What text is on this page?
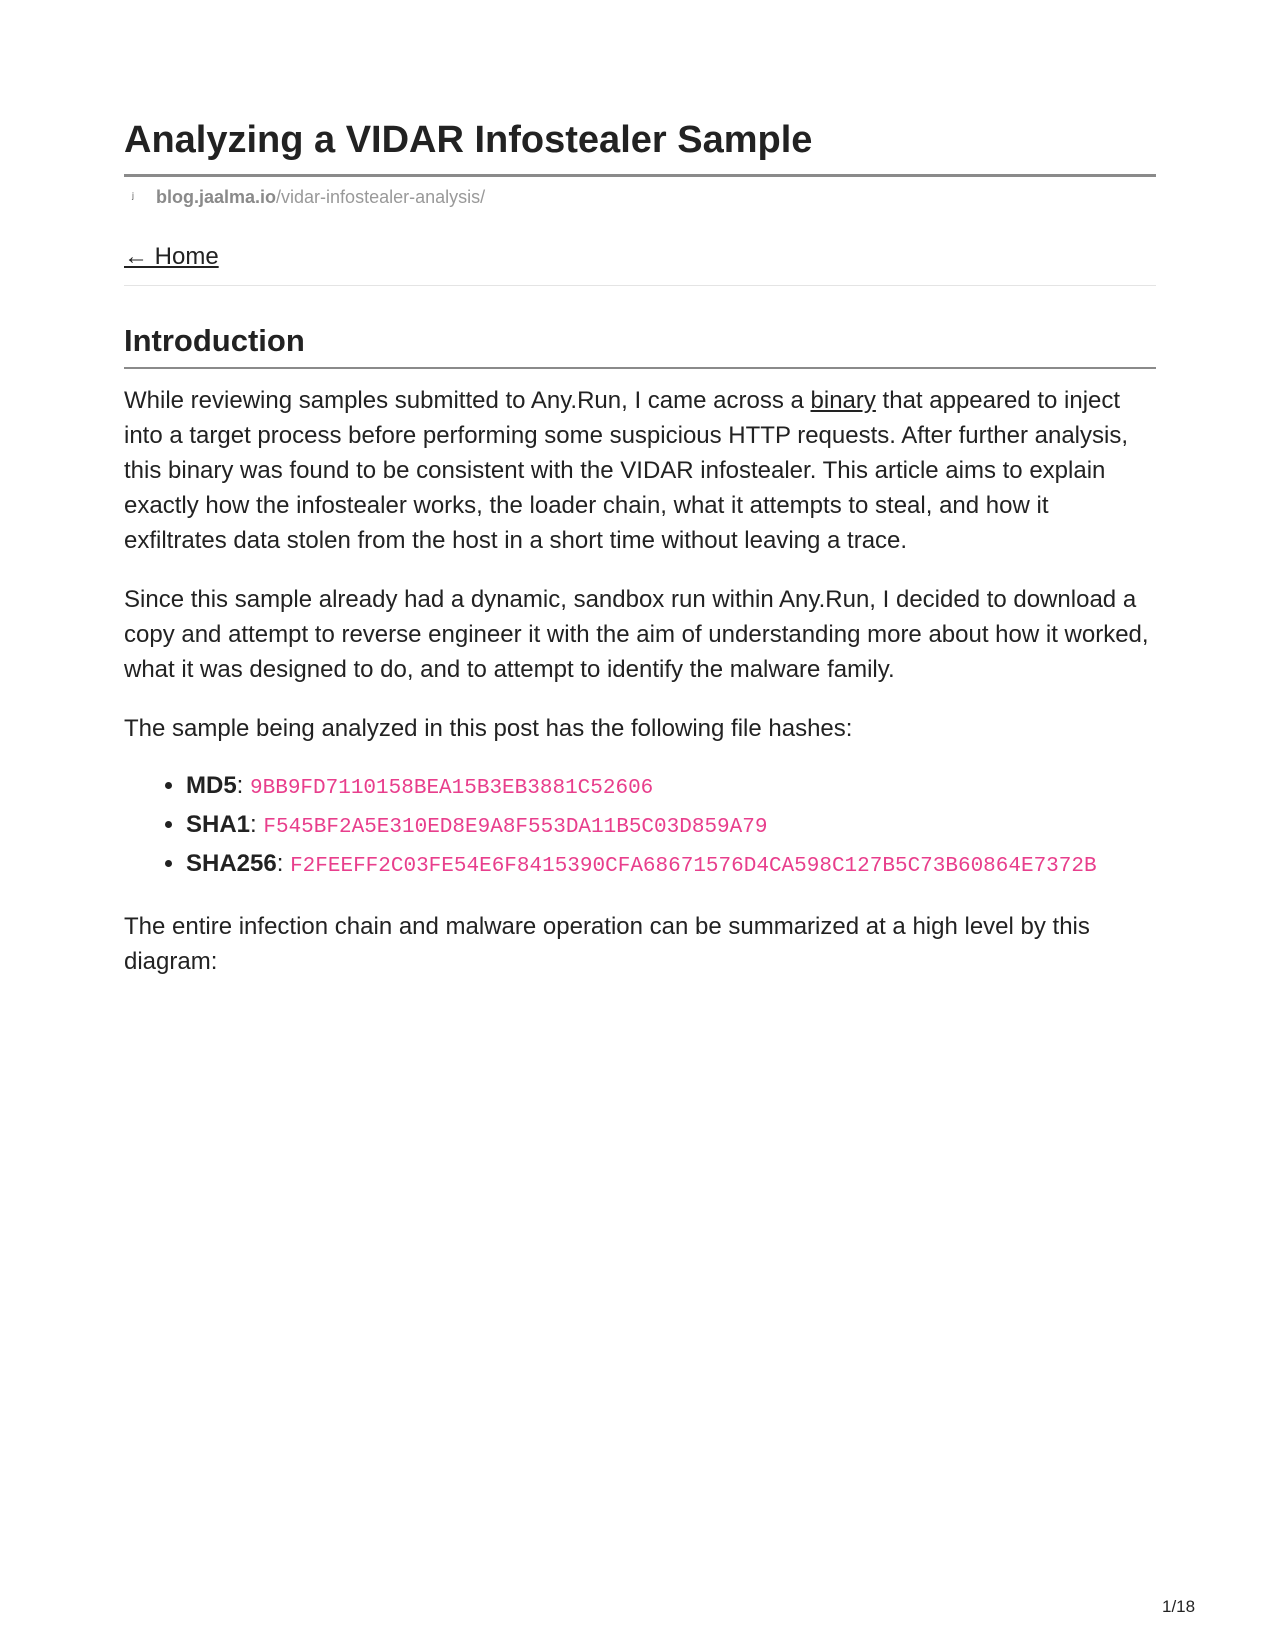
Analyzing a VIDAR Infostealer Sample
ʲ	blog.jaalma.io /vidar-infostealer-analysis/
← Home
Introduction

While reviewing samples submitted to Any.Run, I came across a binary that appeared to inject into a target process before performing some suspicious HTTP requests. After further analysis, this binary was found to be consistent with the VIDAR infostealer. This article aims to explain exactly how the infostealer works, the loader chain, what it attempts to steal, and how it exfiltrates data stolen from the host in a short time without leaving a trace.

Since this sample already had a dynamic, sandbox run within Any.Run, I decided to download a copy and attempt to reverse engineer it with the aim of understanding more about how it worked, what it was designed to do, and to attempt to identify the malware family.

The sample being analyzed in this post has the following file hashes:

• MD5: 9BB9FD7110158BEA15B3EB3881C52606
• SHA1: F545BF2A5E310ED8E9A8F553DA11B5C03D859A79
• SHA256: F2FEEFF2C03FE54E6F8415390CFA68671576D4CA598C127B5C73B60864E7372B

The entire infection chain and malware operation can be summarized at a high level by this diagram:

1/18
